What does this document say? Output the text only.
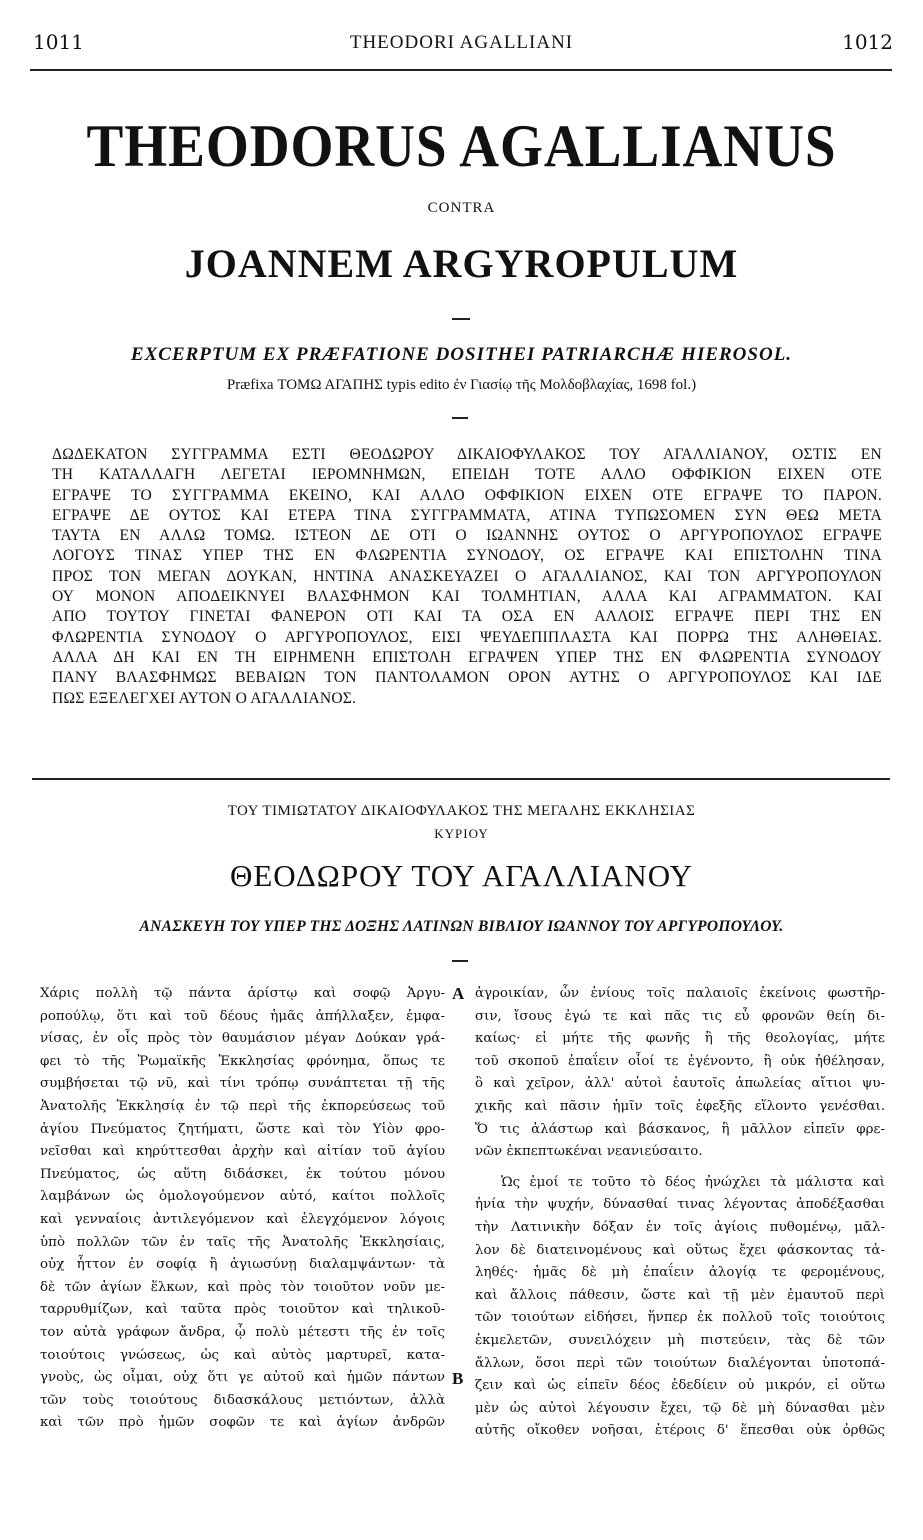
1011	THEODORI AGALLIANI	1012
THEODORUS AGALLIANUS
CONTRA
JOANNEM ARGYROPULUM
EXCERPTUM EX PRÆFATIONE DOSITHEI PATRIARCHÆ HIEROSOL.
Præfixa ΤΟΜΩ ΑΓΑΠΗΣ typis edito ἐν Γιασίῳ τῆς Μολδοβλαχίας, 1698 fol.)
ΔΩΔΕΚΑΤΟΝ ΣΥΓΓΡΑΜΜΑ ΕΣΤΙ ΘΕΟΔΩΡΟΥ ΔΙΚΑΙΟΦΥΛΑΚΟΣ ΤΟΥ ΑΓΑΛΛΙΑΝΟΥ, ΟΣΤΙΣ ΕΝ
ΤΗ ΚΑΤΑΛΛΑΓΗ ΛΕΓΕΤΑΙ ΙΕΡΟΜΝΗΜΩΝ, ΕΠΕΙΔΗ ΤΟΤΕ ΑΛΛΟ ΟΦΦΙΚΙΟΝ ΕΙΧΕΝ ΟΤΕ
ΕΓΡΑΨΕ ΤΟ ΣΥΓΓΡΑΜΜΑ ΕΚΕΙΝΟ, ΚΑΙ ΑΛΛΟ ΟΦΦΙΚΙΟΝ ΕΙΧΕΝ ΟΤΕ ΕΓΡΑΨΕ ΤΟ ΠΑΡΟΝ.
ΕΓΡΑΨΕ ΔΕ ΟΥΤΟΣ ΚΑΙ ΕΤΕΡΑ ΤΙΝΑ ΣΥΓΓΡΑΜΜΑΤΑ, ΑΤΙΝΑ ΤΥΠΩΣΟΜΕΝ ΣΥΝ ΘΕΩ ΜΕΤΑ
ΤΑΥΤΑ ΕΝ ΑΛΛΩ ΤΟΜΩ. ΙΣΤΕΟΝ ΔΕ ΟΤΙ Ο ΙΩΑΝΝΗΣ ΟΥΤΟΣ Ο ΑΡΓΥΡΟΠΟΥΛΟΣ ΕΓΡΑΨΕ
ΛΟΓΟΥΣ ΤΙΝΑΣ ΥΠΕΡ ΤΗΣ ΕΝ ΦΛΩΡΕΝΤΙΑ ΣΥΝΟΔΟΥ, ΟΣ ΕΓΡΑΨΕ ΚΑΙ ΕΠΙΣΤΟΛΗΝ ΤΙΝΑ
ΠΡΟΣ ΤΟΝ ΜΕΓΑΝ ΔΟΥΚΑΝ, ΗΝΤΙΝΑ ΑΝΑΣΚΕΥΑΖΕΙ Ο ΑΓΑΛΛΙΑΝΟΣ, ΚΑΙ ΤΟΝ ΑΡΓΥΡΟΠΟΥΛΟΝ
ΟΥ ΜΟΝΟΝ ΑΠΟΔΕΙΚΝΥΕΙ ΒΛΑΣΦΗΜΟΝ ΚΑΙ ΤΟΛΜΗΤΙΑΝ, ΑΛΛΑ ΚΑΙ ΑΓΡΑΜΜΑΤΟΝ. ΚΑΙ
ΑΠΟ ΤΟΥΤΟΥ ΓΙΝΕΤΑΙ ΦΑΝΕΡΟΝ ΟΤΙ ΚΑΙ ΤΑ ΟΣΑ ΕΝ ΑΛΛΟΙΣ ΕΓΡΑΨΕ ΠΕΡΙ ΤΗΣ ΕΝ
ΦΛΩΡΕΝΤΙΑ ΣΥΝΟΔΟΥ Ο ΑΡΓΥΡΟΠΟΥΛΟΣ, ΕΙΣΙ ΨΕΥΔΕΠΙΠΛΑΣΤΑ ΚΑΙ ΠΟΡΡΩ ΤΗΣ ΑΛΗΘΕΙΑΣ.
ΑΛΛΑ ΔΗ ΚΑΙ ΕΝ ΤΗ ΕΙΡΗΜΕΝΗ ΕΠΙΣΤΟΛΗ ΕΓΡΑΨΕΝ ΥΠΕΡ ΤΗΣ ΕΝ ΦΛΩΡΕΝΤΙΑ ΣΥΝΟΔΟΥ
ΠΑΝΥ ΒΛΑΣΦΗΜΩΣ ΒΕΒΑΙΩΝ ΤΟΝ ΠΑΝΤΟΛΑΜΟΝ ΟΡΟΝ ΑΥΤΗΣ Ο ΑΡΓΥΡΟΠΟΥΛΟΣ ΚΑΙ ΙΔΕ
ΠΩΣ ΕΞΕΛΕΓΧΕΙ ΑΥΤΟΝ Ο ΑΓΑΛΛΙΑΝΟΣ.
ΤΟΥ ΤΙΜΙΩΤΑΤΟΥ ΔΙΚΑΙΟΦΥΛΑΚΟΣ ΤΗΣ ΜΕΓΑΛΗΣ ΕΚΚΛΗΣΙΑΣ
ΚΥΡΙΟΥ
ΘΕΟΔΩΡΟΥ ΤΟΥ ΑΓΑΛΛΙΑΝΟΥ
ΑΝΑΣΚΕΥΗ ΤΟΥ ΥΠΕΡ ΤΗΣ ΔΟΞΗΣ ΛΑΤΙΝΩΝ ΒΙΒΛΙΟΥ ΙΩΑΝΝΟΥ ΤΟΥ ΑΡΓΥΡΟΠΟΥΛΟΥ.
Χάρις πολλὴ τῷ πάντα ἀρίστῳ καὶ σοφῷ Ἀργυ-
ροπούλῳ, ὅτι καὶ τοῦ δέους ἡμᾶς ἀπήλλαξεν, ἐμφα-
νίσας, ἐν οἷς πρὸς τὸν θαυμάσιον μέγαν Δούκαν γρά-
φει τὸ τῆς Ῥωμαϊκῆς Ἐκκλησίας φρόνημα, ὅπως τε
συμβήσεται τῷ νῦ, καὶ τίνι τρόπῳ συνάπτεται τῇ τῆς
Ἀνατολῆς Ἐκκλησίᾳ ἐν τῷ περὶ τῆς ἐκπορεύσεως τοῦ
ἁγίου Πνεύματος ζητήματι, ὥστε καὶ τὸν Υἱὸν φρο-
νεῖσθαι καὶ κηρύττεσθαι ἀρχὴν καὶ αἰτίαν τοῦ ἁγίου
Πνεύματος, ὡς αὕτη διδάσκει, ἐκ τούτου μόνου
λαμβάνων ὡς ὁμολογούμενον αὐτό, καίτοι πολλοῖς
καὶ γενναίοις ἀντιλεγόμενον καὶ ἐλεγχόμενον λόγοις
ὑπὸ πολλῶν τῶν ἐν ταῖς τῆς Ἀνατολῆς Ἐκκλησίαις,
οὐχ ἧττον ἐν σοφίᾳ ἢ ἁγιωσύνῃ διαλαμψάντων· τὰ
δὲ τῶν ἁγίων ἕλκων, καὶ πρὸς τὸν τοιοῦτον νοῦν με-
ταρρυθμίζων, καὶ ταῦτα πρὸς τοιοῦτον καὶ τηλικοῦ-
τον αὐτὰ γράφων ἄνδρα, ᾧ πολὺ μέτεστι τῆς ἐν τοῖς
τοιούτοις γνώσεως, ὡς καὶ αὐτὸς μαρτυρεῖ, κατα-
γνοὺς, ὡς οἶμαι, οὐχ ὅτι γε αὐτοῦ καὶ ἡμῶν πάντων
τῶν τοὺς τοιούτους διδασκάλους μετιόντων, ἀλλὰ
καὶ τῶν πρὸ ἡμῶν σοφῶν τε καὶ ἁγίων ἀνδρῶν
A
B
ἀγροικίαν, ὧν ἐνίους τοῖς παλαιοῖς ἐκείνοις φωστῆρ-
σιν, ἴσους ἐγώ τε καὶ πᾶς τις εὖ φρονῶν θείη δι-
καίως· εἰ μήτε τῆς φωνῆς ἢ τῆς θεολογίας, μήτε
τοῦ σκοποῦ ἐπαΐειν οἷοί τε ἐγένοντο, ἢ οὐκ ἠθέλησαν,
ὃ καὶ χεῖρον, ἀλλ' αὐτοὶ ἑαυτοῖς ἀπωλείας αἴτιοι ψυ-
χικῆς καὶ πᾶσιν ἡμῖν τοῖς ἐφεξῆς εἵλοντο γενέσθαι.
Ὅ τις ἀλάστωρ καὶ βάσκανος, ἢ μᾶλλον εἰπεῖν φρε-
νῶν ἐκπεπτωκέναι νεανιεύσαιτο.
Ὡς ἐμοί τε τοῦτο τὸ δέος ἠνώχλει τὰ μάλιστα καὶ
ἠνία τὴν ψυχήν, δύνασθαί τινας λέγοντας ἀποδέξασθαι
τὴν Λατινικὴν δόξαν ἐν τοῖς ἁγίοις πυθομένῳ, μᾶλ-
λον δὲ διατεινομένους καὶ οὕτως ἔχει φάσκοντας τἀ-
ληθές· ἡμᾶς δὲ μὴ ἐπαΐειν ἀλογίᾳ τε φερομένους,
καὶ ἄλλοις πάθεσιν, ὥστε καὶ τῇ μὲν ἐμαυτοῦ περὶ
τῶν τοιούτων εἰδήσει, ἥνπερ ἐκ πολλοῦ τοῖς τοιούτοις
ἐκμελετῶν, συνειλόχειν μὴ πιστεύειν, τὰς δὲ τῶν
ἄλλων, ὅσοι περὶ τῶν τοιούτων διαλέγονται ὑποτοπά-
ζειν καὶ ὡς εἰπεῖν δέος ἐδεδίειν οὐ μικρόν, εἰ οὕτω
μὲν ὡς αὐτοὶ λέγουσιν ἔχει, τῷ δὲ μὴ δύνασθαι μὲν
αὐτῆς οἴκοθεν νοῆσαι, ἑτέροις δ' ἕπεσθαι οὐκ ὀρθῶς
